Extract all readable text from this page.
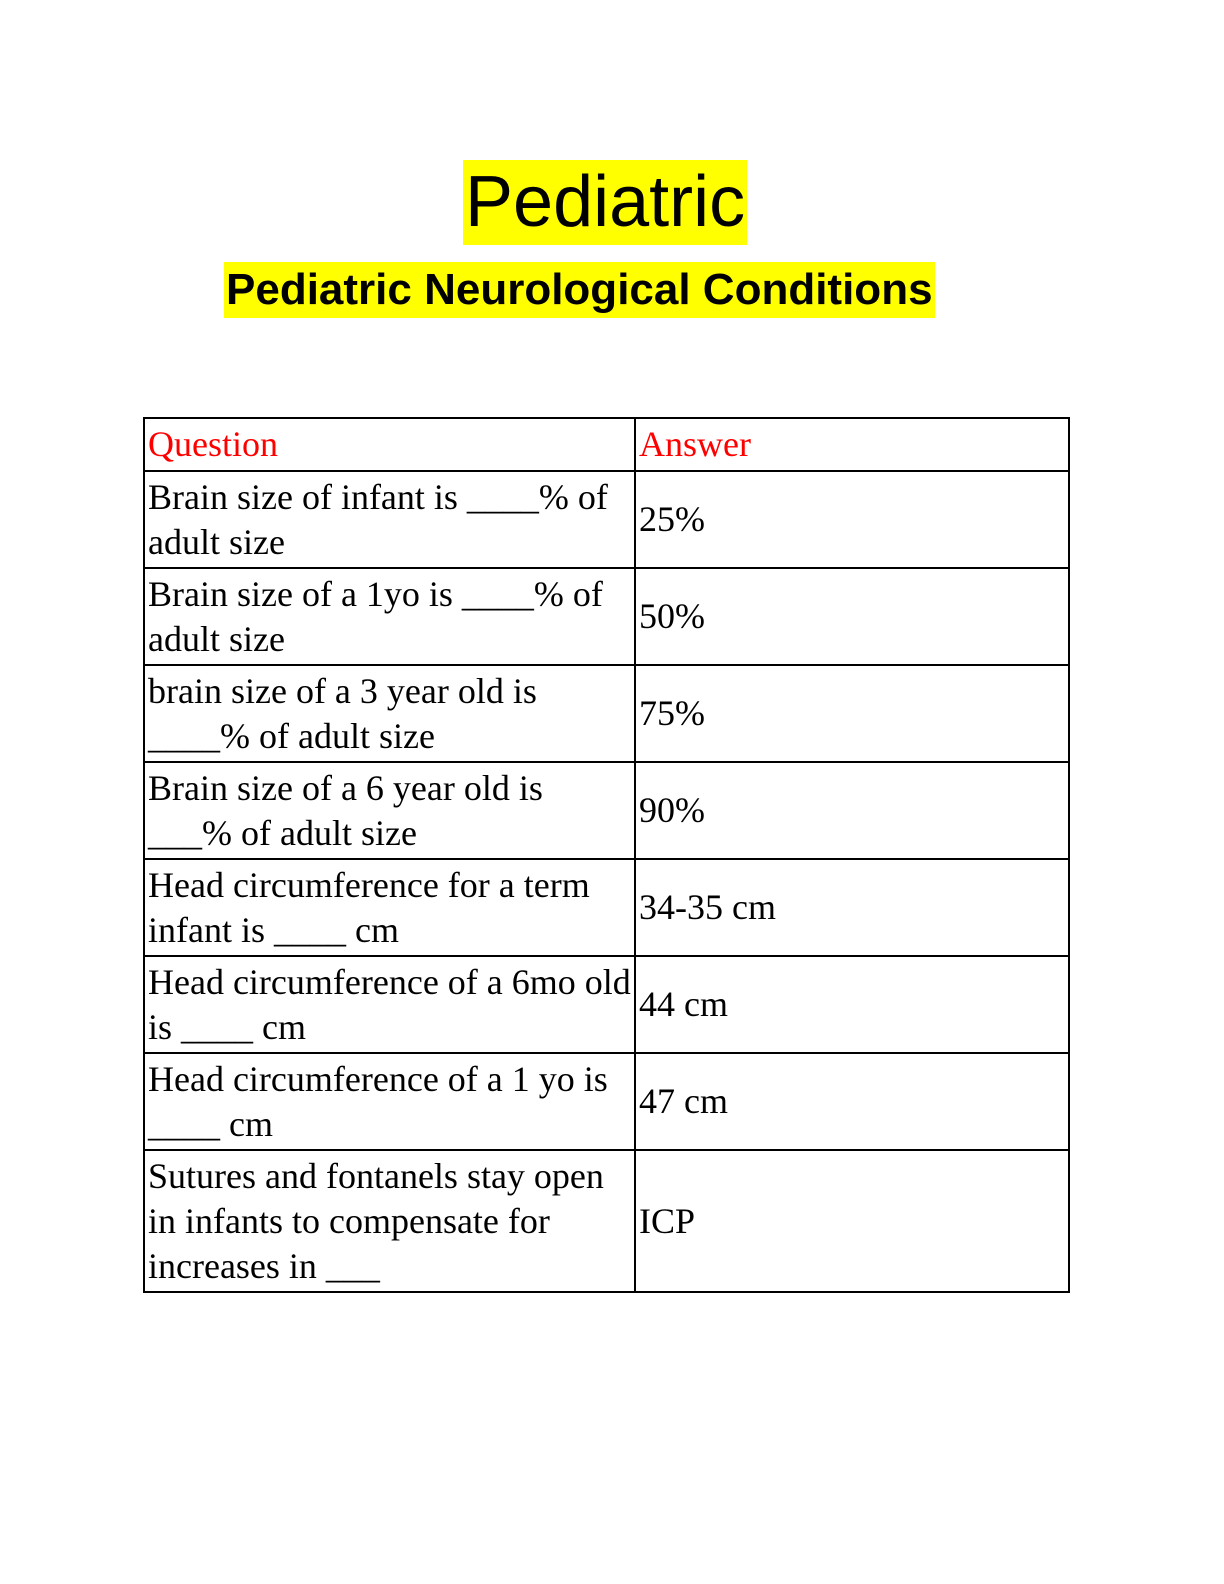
Pediatric
Pediatric Neurological Conditions
Question	Answer
Brain size of infant is ____% of adult size	25%
Brain size of a 1yo is ____% of adult size	50%
brain size of a 3 year old is ____% of adult size	75%
Brain size of a 6 year old is ___% of adult size	90%
Head circumference for a term infant is ____ cm	34-35 cm
Head circumference of a 6mo old is ____ cm	44 cm
Head circumference of a 1 yo is ____ cm	47 cm
Sutures and fontanels stay open in infants to compensate for increases in ___	ICP
